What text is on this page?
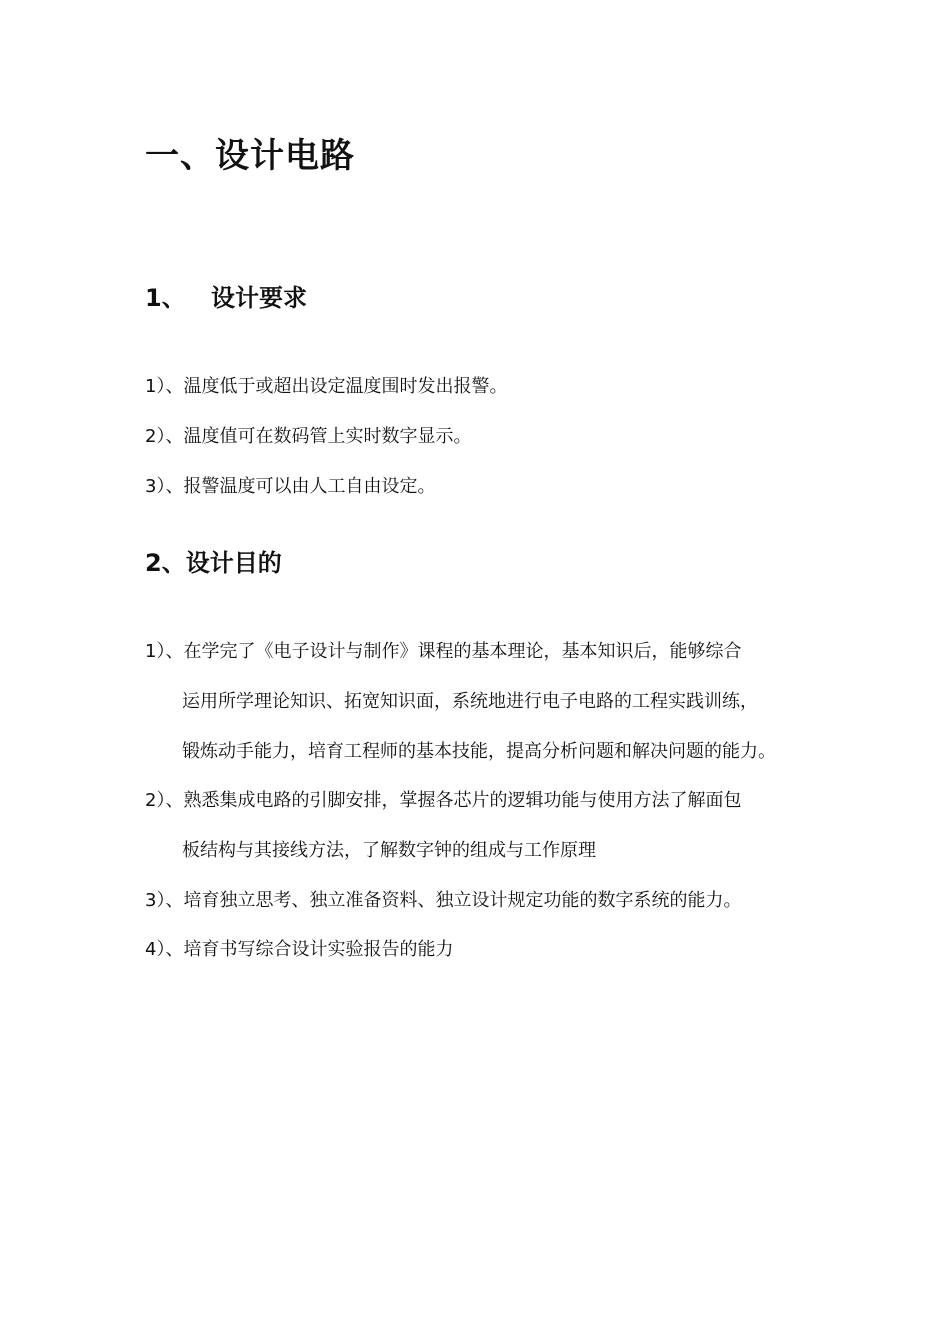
一、设计电路
1、 设计要求
1）、温度低于或超出设定温度围时发出报警。
2）、温度值可在数码管上实时数字显示。
3）、报警温度可以由人工自由设定。
2、设计目的
1）、在学完了《电子设计与制作》课程的基本理论，基本知识后，能够综合
运用所学理论知识、拓宽知识面，系统地进行电子电路的工程实践训练，
锻炼动手能力，培育工程师的基本技能，提高分析问题和解决问题的能力。
2）、熟悉集成电路的引脚安排，掌握各芯片的逻辑功能与使用方法了解面包
板结构与其接线方法，了解数字钟的组成与工作原理
3）、培育独立思考、独立准备资料、独立设计规定功能的数字系统的能力。
4）、培育书写综合设计实验报告的能力
